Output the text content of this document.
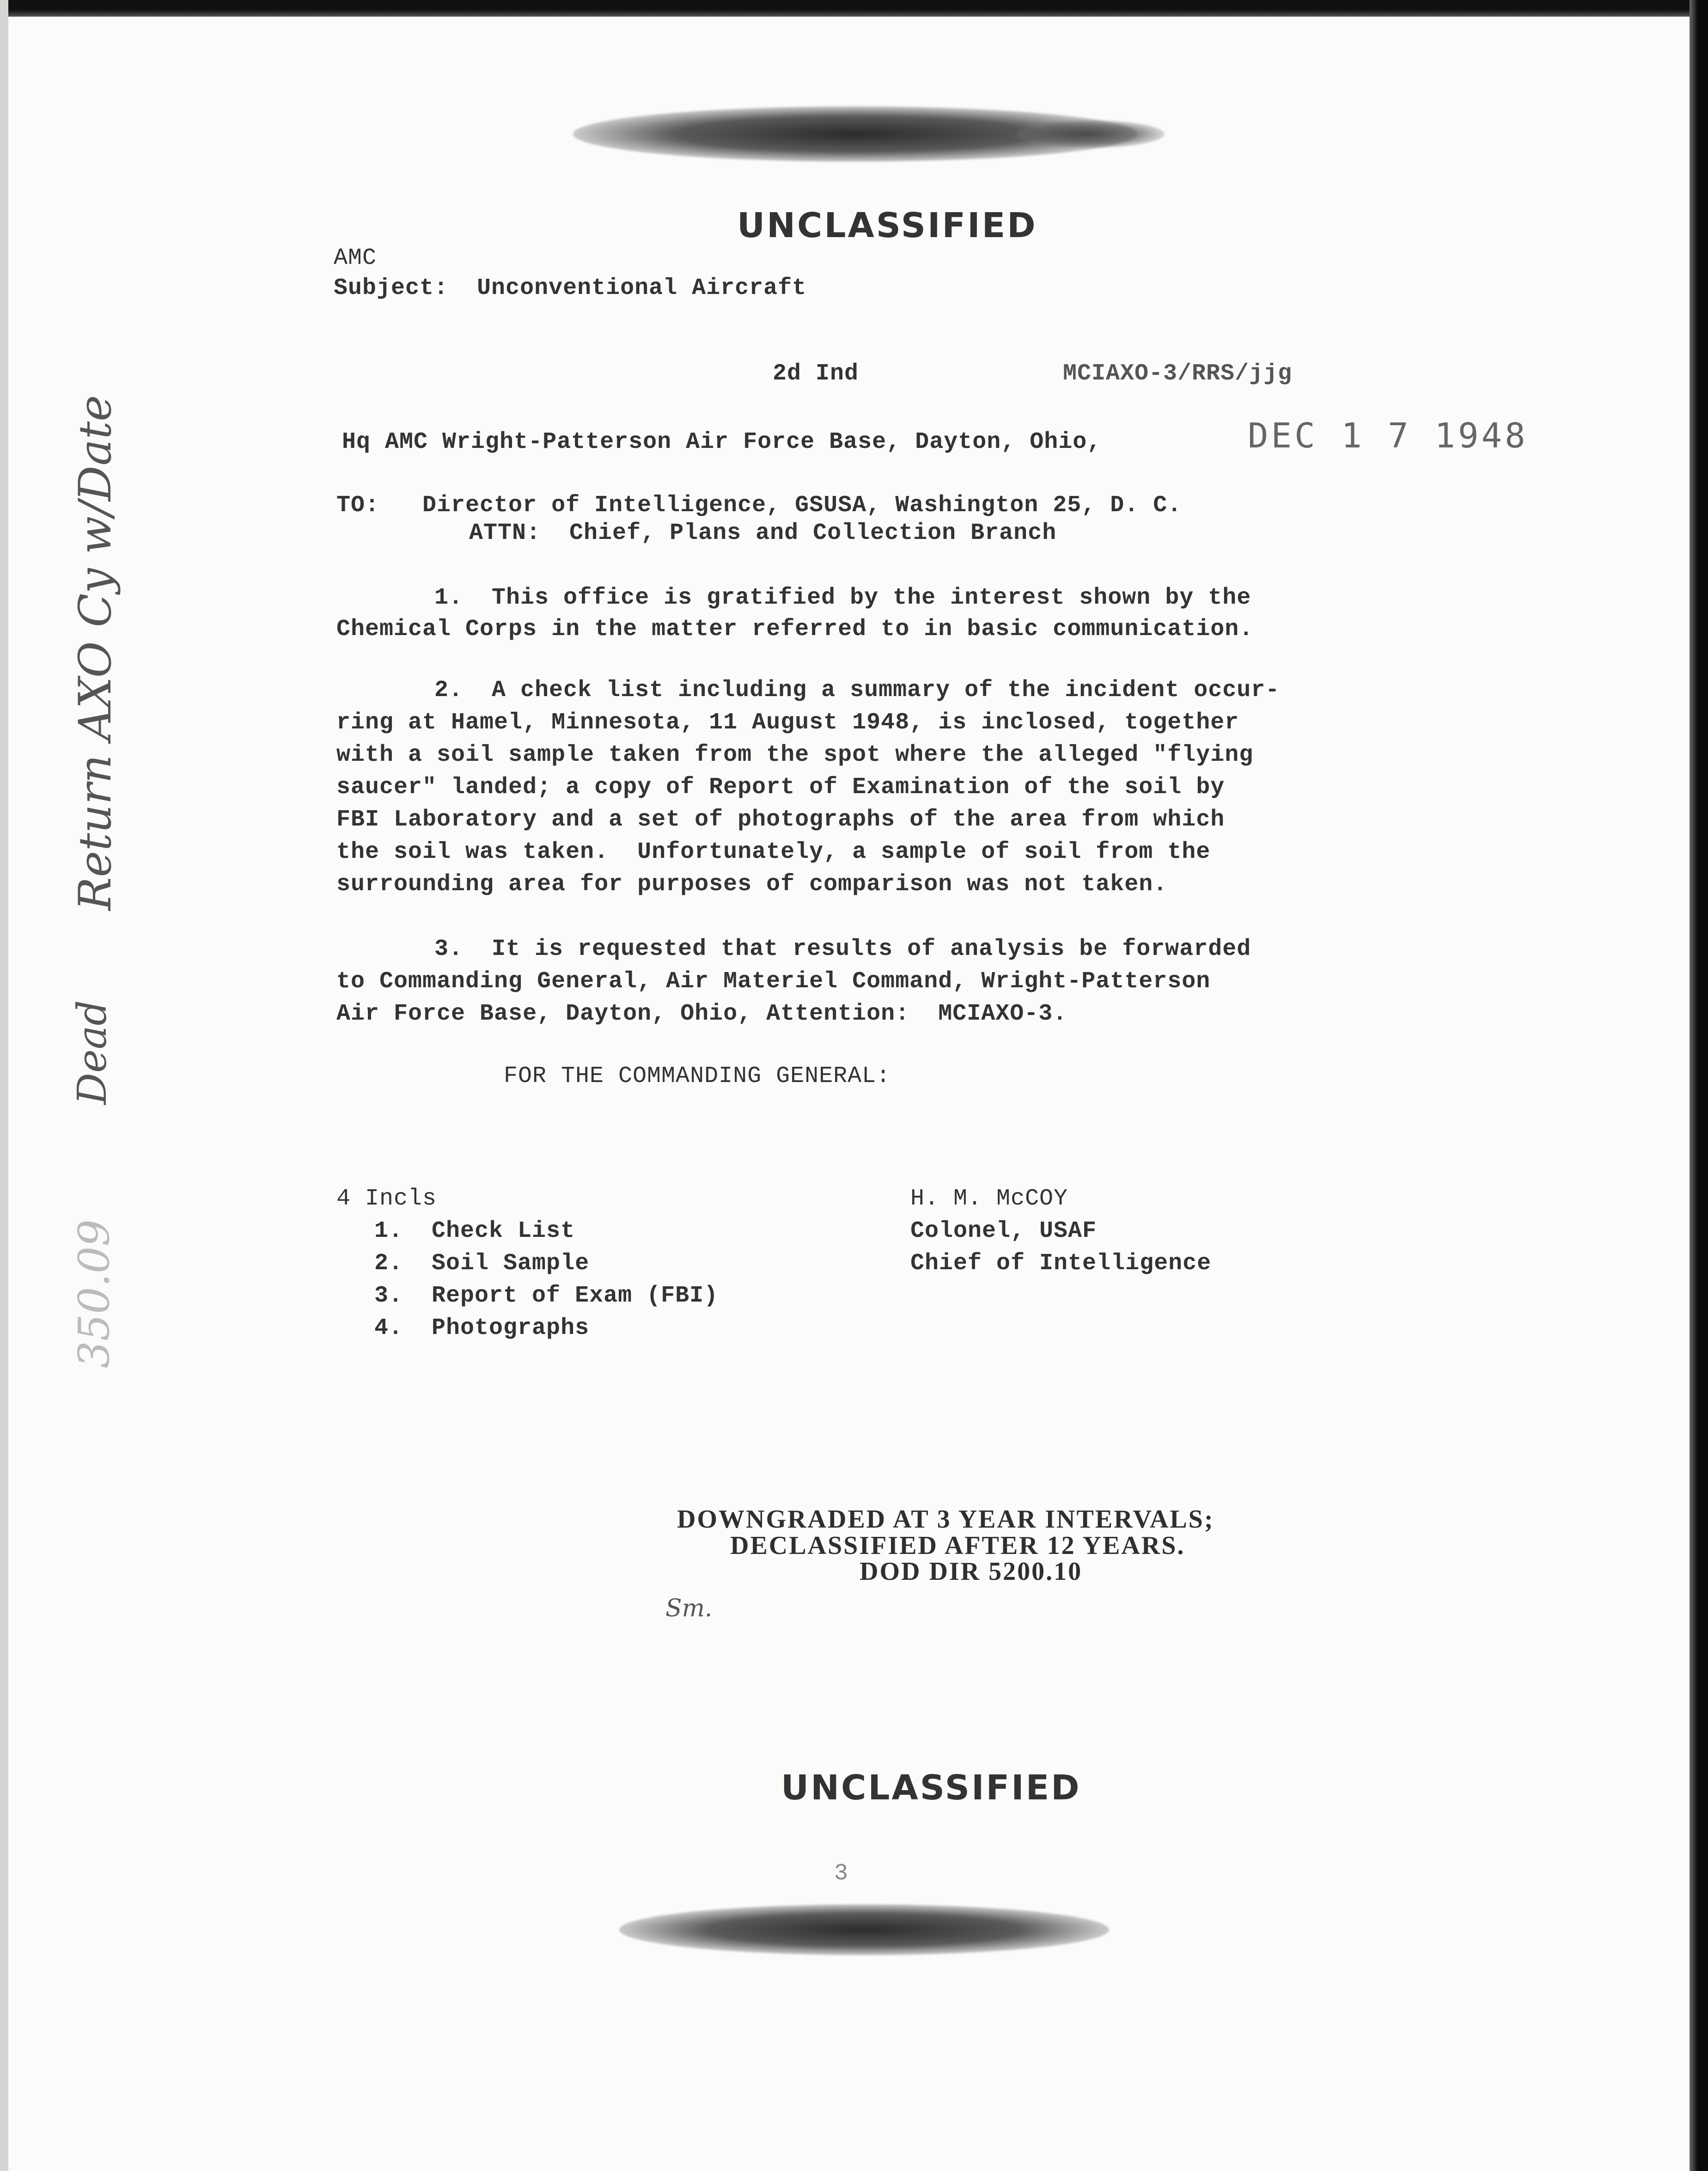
UNCLASSIFIED
AMC
Subject:  Unconventional Aircraft
2d Ind	MCIAXO-3/RRS/jjg
Hq AMC Wright-Patterson Air Force Base, Dayton, Ohio,	DEC 1 7 1948
TO:   Director of Intelligence, GSUSA, Washington 25, D. C.
ATTN:  Chief, Plans and Collection Branch
1.  This office is gratified by the interest shown by the
Chemical Corps in the matter referred to in basic communication.
2.  A check list including a summary of the incident occur-
ring at Hamel, Minnesota, 11 August 1948, is inclosed, together
with a soil sample taken from the spot where the alleged "flying
saucer" landed; a copy of Report of Examination of the soil by
FBI Laboratory and a set of photographs of the area from which
the soil was taken.  Unfortunately, a sample of soil from the
surrounding area for purposes of comparison was not taken.
3.  It is requested that results of analysis be forwarded
to Commanding General, Air Materiel Command, Wright-Patterson
Air Force Base, Dayton, Ohio, Attention:  MCIAXO-3.
FOR THE COMMANDING GENERAL:
4 Incls
1.  Check List
2.  Soil Sample
3.  Report of Exam (FBI)
4.  Photographs
H. M. McCOY
Colonel, USAF
Chief of Intelligence
Return AXO Cy w/Date
Dead
350.09
DOWNGRADED AT 3 YEAR INTERVALS;
DECLASSIFIED AFTER 12 YEARS.
DOD DIR 5200.10
Sm.
UNCLASSIFIED
3
